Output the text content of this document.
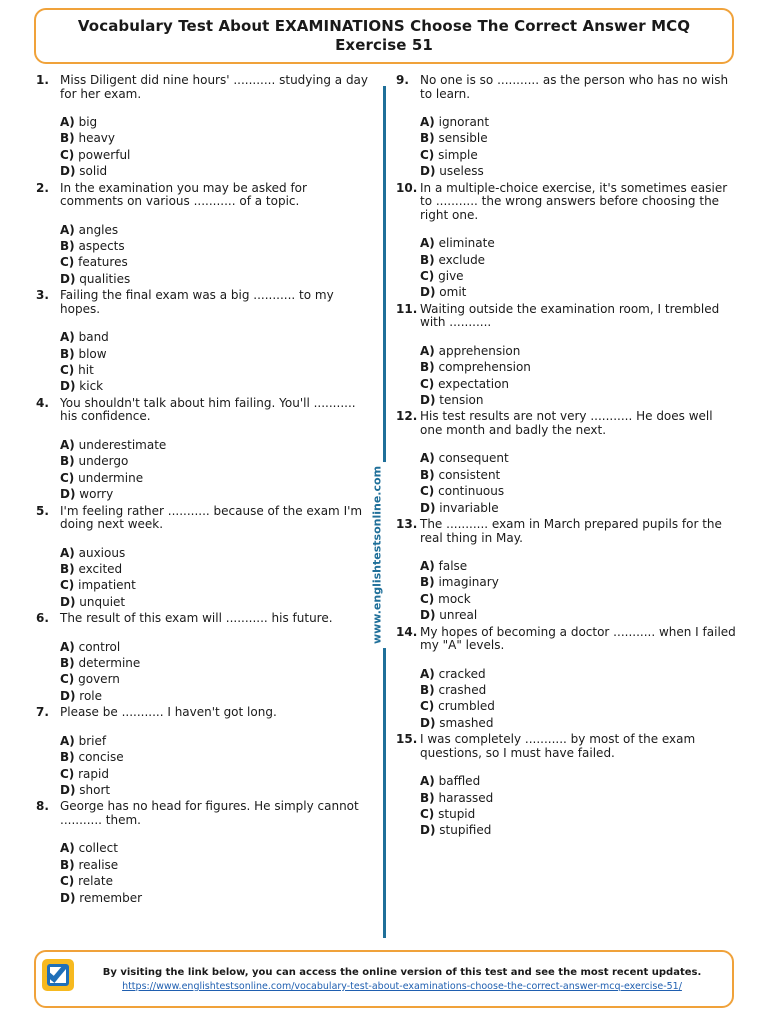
Vocabulary Test About EXAMINATIONS Choose The Correct Answer MCQ
Exercise 51
1. Miss Diligent did nine hours' ........... studying a day for her exam.
A) big
B) heavy
C) powerful
D) solid
2. In the examination you may be asked for comments on various ........... of a topic.
A) angles
B) aspects
C) features
D) qualities
3. Failing the final exam was a big ........... to my hopes.
A) band
B) blow
C) hit
D) kick
4. You shouldn't talk about him failing. You'll ........... his confidence.
A) underestimate
B) undergo
C) undermine
D) worry
5. I'm feeling rather ........... because of the exam I'm doing next week.
A) auxious
B) excited
C) impatient
D) unquiet
6. The result of this exam will ........... his future.
A) control
B) determine
C) govern
D) role
7. Please be ........... I haven't got long.
A) brief
B) concise
C) rapid
D) short
8. George has no head for figures. He simply cannot ........... them.
A) collect
B) realise
C) relate
D) remember
9. No one is so ........... as the person who has no wish to learn.
A) ignorant
B) sensible
C) simple
D) useless
10. In a multiple-choice exercise, it's sometimes easier to ........... the wrong answers before choosing the right one.
A) eliminate
B) exclude
C) give
D) omit
11. Waiting outside the examination room, I trembled with ...........
A) apprehension
B) comprehension
C) expectation
D) tension
12. His test results are not very ........... He does well one month and badly the next.
A) consequent
B) consistent
C) continuous
D) invariable
13. The ........... exam in March prepared pupils for the real thing in May.
A) false
B) imaginary
C) mock
D) unreal
14. My hopes of becoming a doctor ........... when I failed my "A" levels.
A) cracked
B) crashed
C) crumbled
D) smashed
15. I was completely ........... by most of the exam questions, so I must have failed.
A) baffled
B) harassed
C) stupid
D) stupified
www.englishtestsonline.com
By visiting the link below, you can access the online version of this test and see the most recent updates.
https://www.englishtestsonline.com/vocabulary-test-about-examinations-choose-the-correct-answer-mcq-exercise-51/
